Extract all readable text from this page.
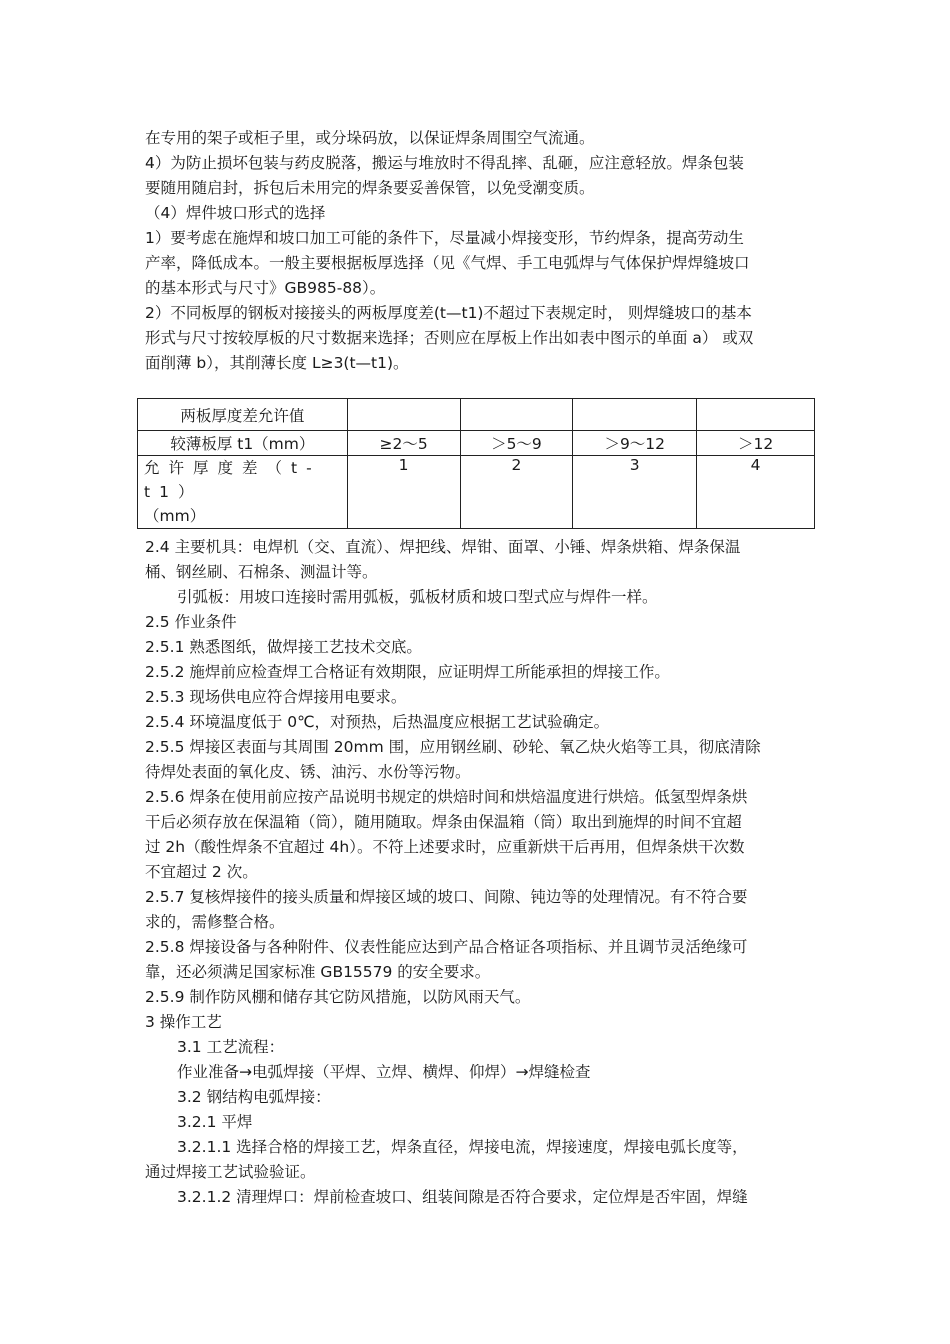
在专用的架子或柜子里，或分垛码放，以保证焊条周围空气流通。
4）为防止损坏包装与药皮脱落，搬运与堆放时不得乱摔、乱砸，应注意轻放。焊条包装
要随用随启封，拆包后未用完的焊条要妥善保管，以免受潮变质。
（4）焊件坡口形式的选择
1）要考虑在施焊和坡口加工可能的条件下，尽量减小焊接变形，节约焊条，提高劳动生
产率，降低成本。一般主要根据板厚选择（见《气焊、手工电弧焊与气体保护焊焊缝坡口
的基本形式与尺寸》GB985-88）。
2）不同板厚的钢板对接接头的两板厚度差(t—t1)不超过下表规定时， 则焊缝坡口的基本
形式与尺寸按较厚板的尺寸数据来选择；否则应在厚板上作出如表中图示的单面 a） 或双
面削薄 b），其削薄长度 L≥3(t—t1)。
两板厚度差允许值				
较薄板厚 t1（mm）	≥2～5	＞5～9	＞9～12	＞12

允许厚度差（t-t1）
（mm）	1	2	3	4
2.4 主要机具：电焊机（交、直流）、焊把线、焊钳、面罩、小锤、焊条烘箱、焊条保温
桶、钢丝刷、石棉条、测温计等。
引弧板：用坡口连接时需用弧板，弧板材质和坡口型式应与焊件一样。
2.5 作业条件
2.5.1 熟悉图纸，做焊接工艺技术交底。
2.5.2 施焊前应检查焊工合格证有效期限，应证明焊工所能承担的焊接工作。
2.5.3 现场供电应符合焊接用电要求。
2.5.4 环境温度低于 0℃，对预热，后热温度应根据工艺试验确定。
2.5.5 焊接区表面与其周围 20mm 围，应用钢丝刷、砂轮、氧乙炔火焰等工具，彻底清除
待焊处表面的氧化皮、锈、油污、水份等污物。
2.5.6 焊条在使用前应按产品说明书规定的烘焙时间和烘焙温度进行烘焙。低氢型焊条烘
干后必须存放在保温箱（筒），随用随取。焊条由保温箱（筒）取出到施焊的时间不宜超
过 2h（酸性焊条不宜超过 4h）。不符上述要求时，应重新烘干后再用，但焊条烘干次数
不宜超过 2 次。
2.5.7 复核焊接件的接头质量和焊接区域的坡口、间隙、钝边等的处理情况。有不符合要
求的，需修整合格。
2.5.8 焊接设备与各种附件、仪表性能应达到产品合格证各项指标、并且调节灵活绝缘可
靠，还必须满足国家标准 GB15579 的安全要求。
2.5.9 制作防风棚和储存其它防风措施，以防风雨天气。
3 操作工艺
3.1 工艺流程：
作业准备→电弧焊接（平焊、立焊、横焊、仰焊）→焊缝检查
3.2 钢结构电弧焊接：
3.2.1 平焊
3.2.1.1 选择合格的焊接工艺，焊条直径，焊接电流，焊接速度，焊接电弧长度等，
通过焊接工艺试验验证。
3.2.1.2 清理焊口：焊前检查坡口、组装间隙是否符合要求，定位焊是否牢固，焊缝
